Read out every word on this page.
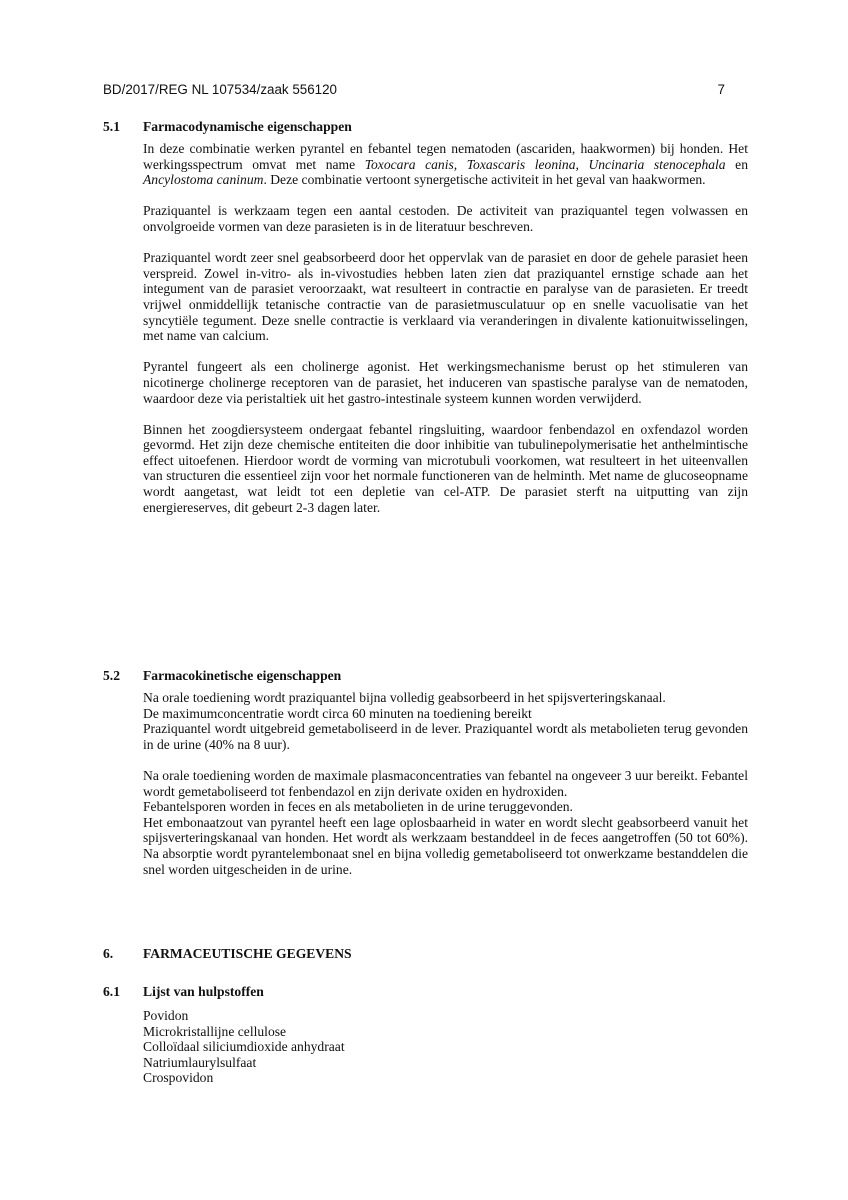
BD/2017/REG NL 107534/zaak 556120	7
5.1 Farmacodynamische eigenschappen

In deze combinatie werken pyrantel en febantel tegen nematoden (ascariden, haakwormen) bij honden. Het werkingsspectrum omvat met name Toxocara canis, Toxascaris leonina, Uncinaria stenocephala en Ancylostoma caninum. Deze combinatie vertoont synergetische activiteit in het geval van haakwormen.

Praziquantel is werkzaam tegen een aantal cestoden. De activiteit van praziquantel tegen volwassen en onvolgroeide vormen van deze parasieten is in de literatuur beschreven.

Praziquantel wordt zeer snel geabsorbeerd door het oppervlak van de parasiet en door de gehele parasiet heen verspreid. Zowel in-vitro- als in-vivostudies hebben laten zien dat praziquantel ernstige schade aan het integument van de parasiet veroorzaakt, wat resulteert in contractie en paralyse van de parasieten. Er treedt vrijwel onmiddellijk tetanische contractie van de parasietmusculatuur op en snelle vacuolisatie van het syncytiële tegument. Deze snelle contractie is verklaard via veranderingen in divalente kationuitwisselingen, met name van calcium.

Pyrantel fungeert als een cholinerge agonist. Het werkingsmechanisme berust op het stimuleren van nicotinerge cholinerge receptoren van de parasiet, het induceren van spastische paralyse van de nematoden, waardoor deze via peristaltiek uit het gastro-intestinale systeem kunnen worden verwijderd.

Binnen het zoogdiersysteem ondergaat febantel ringsluiting, waardoor fenbendazol en oxfendazol worden gevormd. Het zijn deze chemische entiteiten die door inhibitie van tubulinepolymerisatie het anthelmintische effect uitoefenen. Hierdoor wordt de vorming van microtubuli voorkomen, wat resulteert in het uiteenvallen van structuren die essentieel zijn voor het normale functioneren van de helminth. Met name de glucoseopname wordt aangetast, wat leidt tot een depletie van cel-ATP. De parasiet sterft na uitputting van zijn energiereserves, dit gebeurt 2-3 dagen later.

5.2 Farmacokinetische eigenschappen
Na orale toediening wordt praziquantel bijna volledig geabsorbeerd in het spijsverteringskanaal.
De maximumconcentratie wordt circa 60 minuten na toediening bereikt
Praziquantel wordt uitgebreid gemetaboliseerd in de lever. Praziquantel wordt als metabolieten terug gevonden in de urine (40% na 8 uur).
Na orale toediening worden de maximale plasmaconcentraties van febantel na ongeveer 3 uur bereikt. Febantel wordt gemetaboliseerd tot fenbendazol en zijn derivate oxiden en hydroxiden.
Febantelsporen worden in feces en als metabolieten in de urine teruggevonden.
Het embonaatzout van pyrantel heeft een lage oplosbaarheid in water en wordt slecht geabsorbeerd vanuit het spijsverteringskanaal van honden. Het wordt als werkzaam bestanddeel in de feces aangetroffen (50 tot 60%). Na absorptie wordt pyrantelembonaat snel en bijna volledig gemetaboliseerd tot onwerkzame bestanddelen die snel worden uitgescheiden in de urine.
6. FARMACEUTISCHE GEGEVENS
6.1 Lijst van hulpstoffen
Povidon
Microkristallijne cellulose
Colloïdaal siliciumdioxide anhydraat
Natriumlaurylsulfaat
Crospovidon
